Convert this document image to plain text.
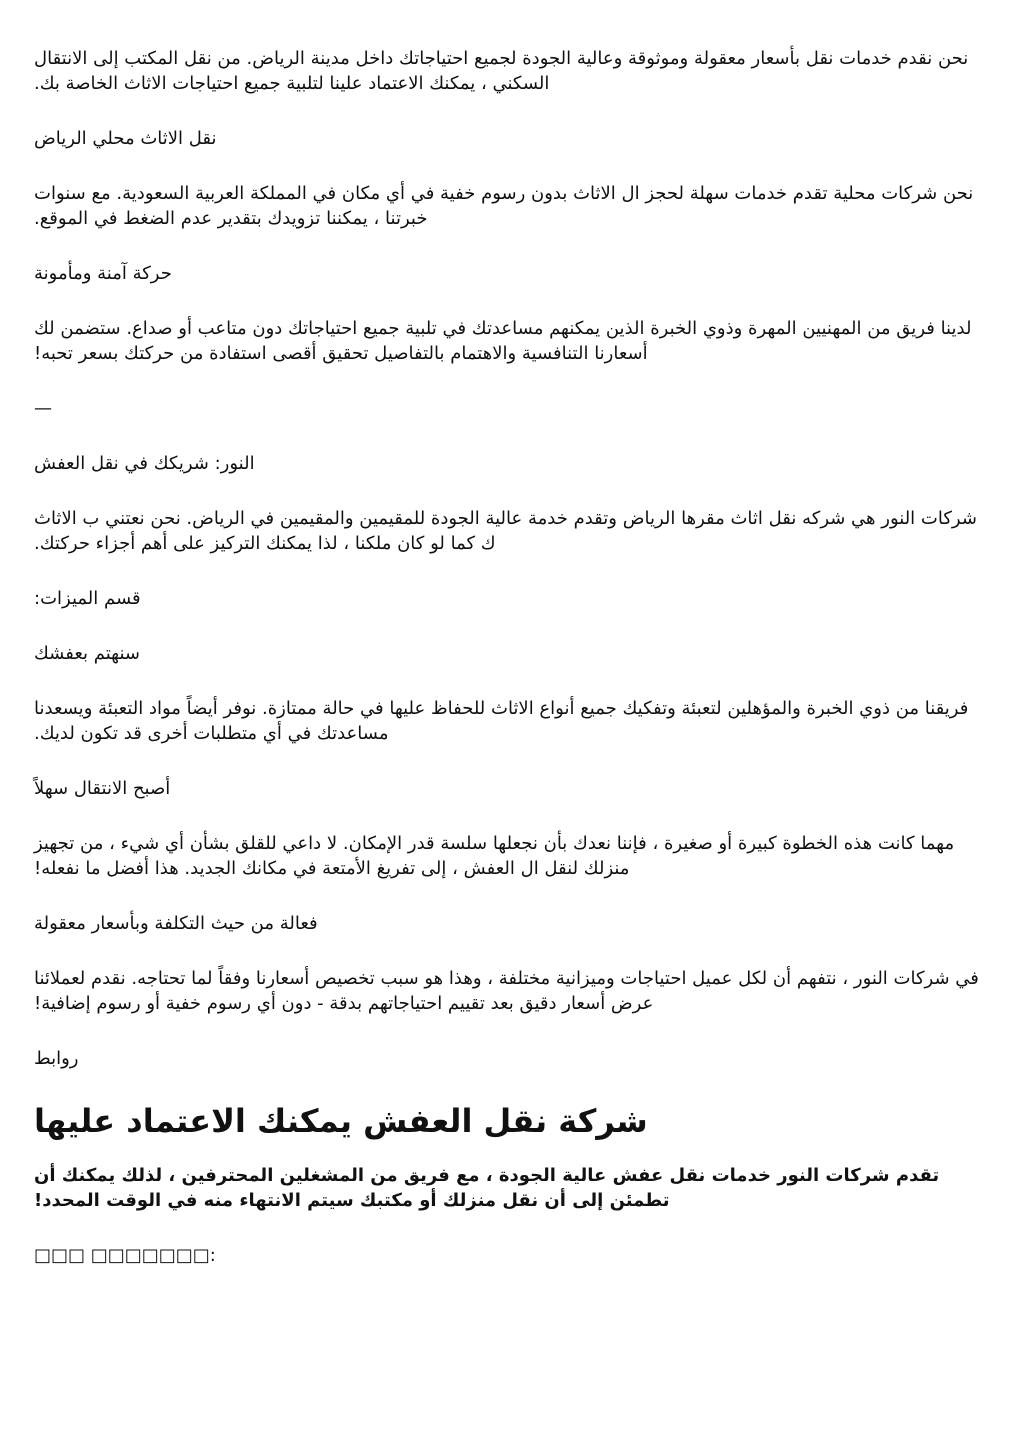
نحن نقدم خدمات نقل بأسعار معقولة وموثوقة وعالية الجودة لجميع احتياجاتك داخل مدينة الرياض. من نقل المكتب إلى الانتقال السكني ، يمكنك الاعتماد علينا لتلبية جميع احتياجات الاثاث الخاصة بك.

نقل الاثاث محلي الرياض

نحن شركات محلية تقدم خدمات سهلة لحجز ال الاثاث بدون رسوم خفية في أي مكان في المملكة العربية السعودية. مع سنوات خبرتنا ، يمكننا تزويدك بتقدير عدم الضغط في الموقع.

حركة آمنة ومأمونة

لدينا فريق من المهنيين المهرة وذوي الخبرة الذين يمكنهم مساعدتك في تلبية جميع احتياجاتك دون متاعب أو صداع. ستضمن لك أسعارنا التنافسية والاهتمام بالتفاصيل تحقيق أقصى استفادة من حركتك بسعر تحبه!

—

النور: شريكك في نقل العفش

شركات النور هي شركه نقل اثاث مقرها الرياض وتقدم خدمة عالية الجودة للمقيمين والمقيمين في الرياض. نحن نعتني ب الاثاث ك كما لو كان ملكنا ، لذا يمكنك التركيز على أهم أجزاء حركتك.

قسم الميزات:

سنهتم بعفشك

فريقنا من ذوي الخبرة والمؤهلين لتعبئة وتفكيك جميع أنواع الاثاث للحفاظ عليها في حالة ممتازة. نوفر أيضاً مواد التعبئة ويسعدنا مساعدتك في أي متطلبات أخرى قد تكون لديك.

أصبح الانتقال سهلاً

مهما كانت هذه الخطوة كبيرة أو صغيرة ، فإننا نعدك بأن نجعلها سلسة قدر الإمكان. لا داعي للقلق بشأن أي شيء ، من تجهيز منزلك لنقل ال العفش ، إلى تفريغ الأمتعة في مكانك الجديد. هذا أفضل ما نفعله!

فعالة من حيث التكلفة وبأسعار معقولة

في شركات النور ، نتفهم أن لكل عميل احتياجات وميزانية مختلفة ، وهذا هو سبب تخصيص أسعارنا وفقاً لما تحتاجه. نقدم لعملائنا عرض أسعار دقيق بعد تقييم احتياجاتهم بدقة - دون أي رسوم خفية أو رسوم إضافية!

روابط

شركة نقل العفش يمكنك الاعتماد عليها

تقدم شركات النور خدمات نقل عفش عالية الجودة ، مع فريق من المشغلين المحترفين ، لذلك يمكنك أن تطمئن إلى أن نقل منزلك أو مكتبك سيتم الانتهاء منه في الوقت المحدد!

□□□ □□□□□□□:
